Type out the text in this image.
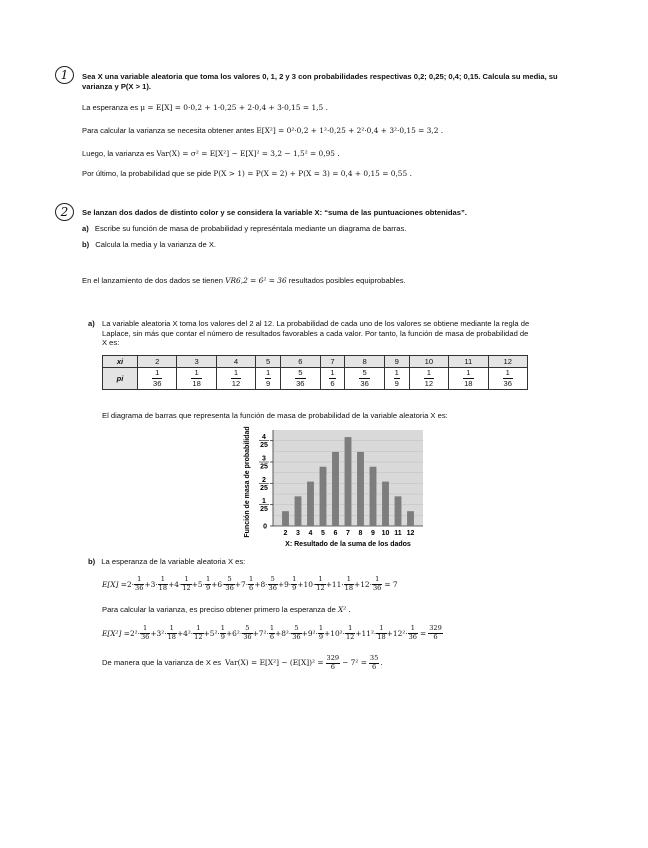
1	Sea X una variable aleatoria que toma los valores 0, 1, 2 y 3 con probabilidades respectivas 0,2; 0,25; 0,4; 0,15. Calcula su media, su varianza y P(X > 1).
La esperanza es μ = E[X] = 0·0,2 + 1·0,25 + 2·0,4 + 3·0,15 = 1,5 .
Para calcular la varianza se necesita obtener antes E[X²] = 0²·0,2 + 1²·0,25 + 2²·0,4 + 3²·0,15 = 3,2 .
Luego, la varianza es Var(X) = σ² = E[X²] − E[X]² = 3,2 − 1,5² = 0,95 .
Por último, la probabilidad que se pide P(X > 1) = P(X = 2) + P(X = 3) = 0,4 + 0,15 = 0,55 .
2	Se lanzan dos dados de distinto color y se considera la variable X: “suma de las puntuaciones obtenidas”.
a) Escribe su función de masa de probabilidad y represéntala mediante un diagrama de barras.
b) Calcula la media y la varianza de X.
En el lanzamiento de dos dados se tienen VR6,2 = 6² = 36 resultados posibles equiprobables.
a) La variable aleatoria X toma los valores del 2 al 12. La probabilidad de cada uno de los valores se obtiene mediante la regla de Laplace, sin más que contar el número de resultados favorables a cada valor. Por tanto, la función de masa de probabilidad de X es:
xi	2	3	4	5	6	7	8	9	10	11	12
pi	$\frac{1}{36}$	$\frac{1}{18}$	$\frac{1}{12}$	$\frac{1}{9}$	$\frac{5}{36}$	$\frac{1}{6}$	$\frac{5}{36}$	$\frac{1}{9}$	$\frac{1}{12}$	$\frac{1}{18}$	$\frac{1}{36}$
El diagrama de barras que representa la función de masa de probabilidad de la variable aleatoria X es:
2 3 4 5 6 7 8 9 10 11 12
0
1
25
2
25
3
25
4
25
Función de masa de probabilidad
X: Resultado de la suma de los dados
b) La esperanza de la variable aleatoria X es:
E[X] = 2·
1
36 +3·
1
18 +4·
1
12 +5·
1
9 +6·
5
36 +7·
1
6 +8·
5
36 +9·
1
9 +10·
1
12 +11·
1
18 +12·
1
36 = 7
Para calcular la varianza, es preciso obtener primero la esperanza de X² .
E[X²] = 2²·
1
36 +3²·
1
18 +4²·
1
12 +5²·
1
9 +6²·
5
36 +7²·
1
6 +8²·
5
36 +9²·
1
9 +10²·
1
12 +11²·
1
18 +12²·
1
$36 = \frac{329}{6}$
De manera que la varianza de X es $Var(X) = E[X^2] - (E[X])^2 = \frac{329}{6} - 7^2 = \frac{35}{6}$ .
